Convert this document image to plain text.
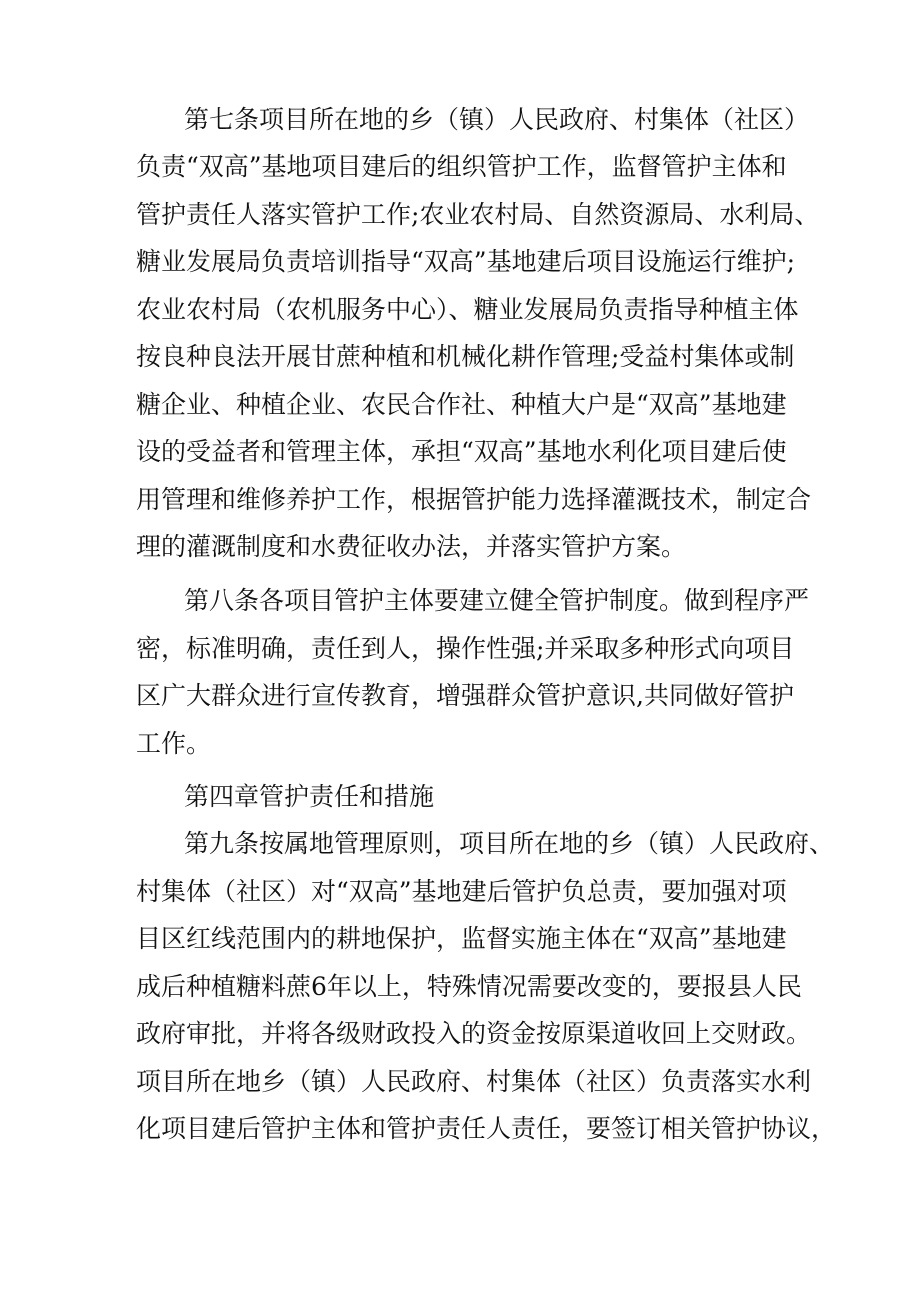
第七条项目所在地的乡（镇）人民政府、村集体（社区）
负责“双高”基地项目建后的组织管护工作，监督管护主体和
管护责任人落实管护工作;农业农村局、自然资源局、水利局、
糖业发展局负责培训指导“双高”基地建后项目设施运行维护;
农业农村局（农机服务中心）、糖业发展局负责指导种植主体
按良种良法开展甘蔗种植和机械化耕作管理;受益村集体或制
糖企业、种植企业、农民合作社、种植大户是“双高”基地建
设的受益者和管理主体，承担“双高”基地水利化项目建后使
用管理和维修养护工作，根据管护能力选择灌溉技术，制定合
理的灌溉制度和水费征收办法，并落实管护方案。
第八条各项目管护主体要建立健全管护制度。做到程序严
密，标准明确，责任到人，操作性强;并采取多种形式向项目
区广大群众进行宣传教育，增强群众管护意识,共同做好管护
工作。
第四章管护责任和措施
第九条按属地管理原则，项目所在地的乡（镇）人民政府、
村集体（社区）对“双高”基地建后管护负总责，要加强对项
目区红线范围内的耕地保护，监督实施主体在“双高”基地建
成后种植糖料蔗6年以上，特殊情况需要改变的，要报县人民
政府审批，并将各级财政投入的资金按原渠道收回上交财政。
项目所在地乡（镇）人民政府、村集体（社区）负责落实水利
化项目建后管护主体和管护责任人责任，要签订相关管护协议，
